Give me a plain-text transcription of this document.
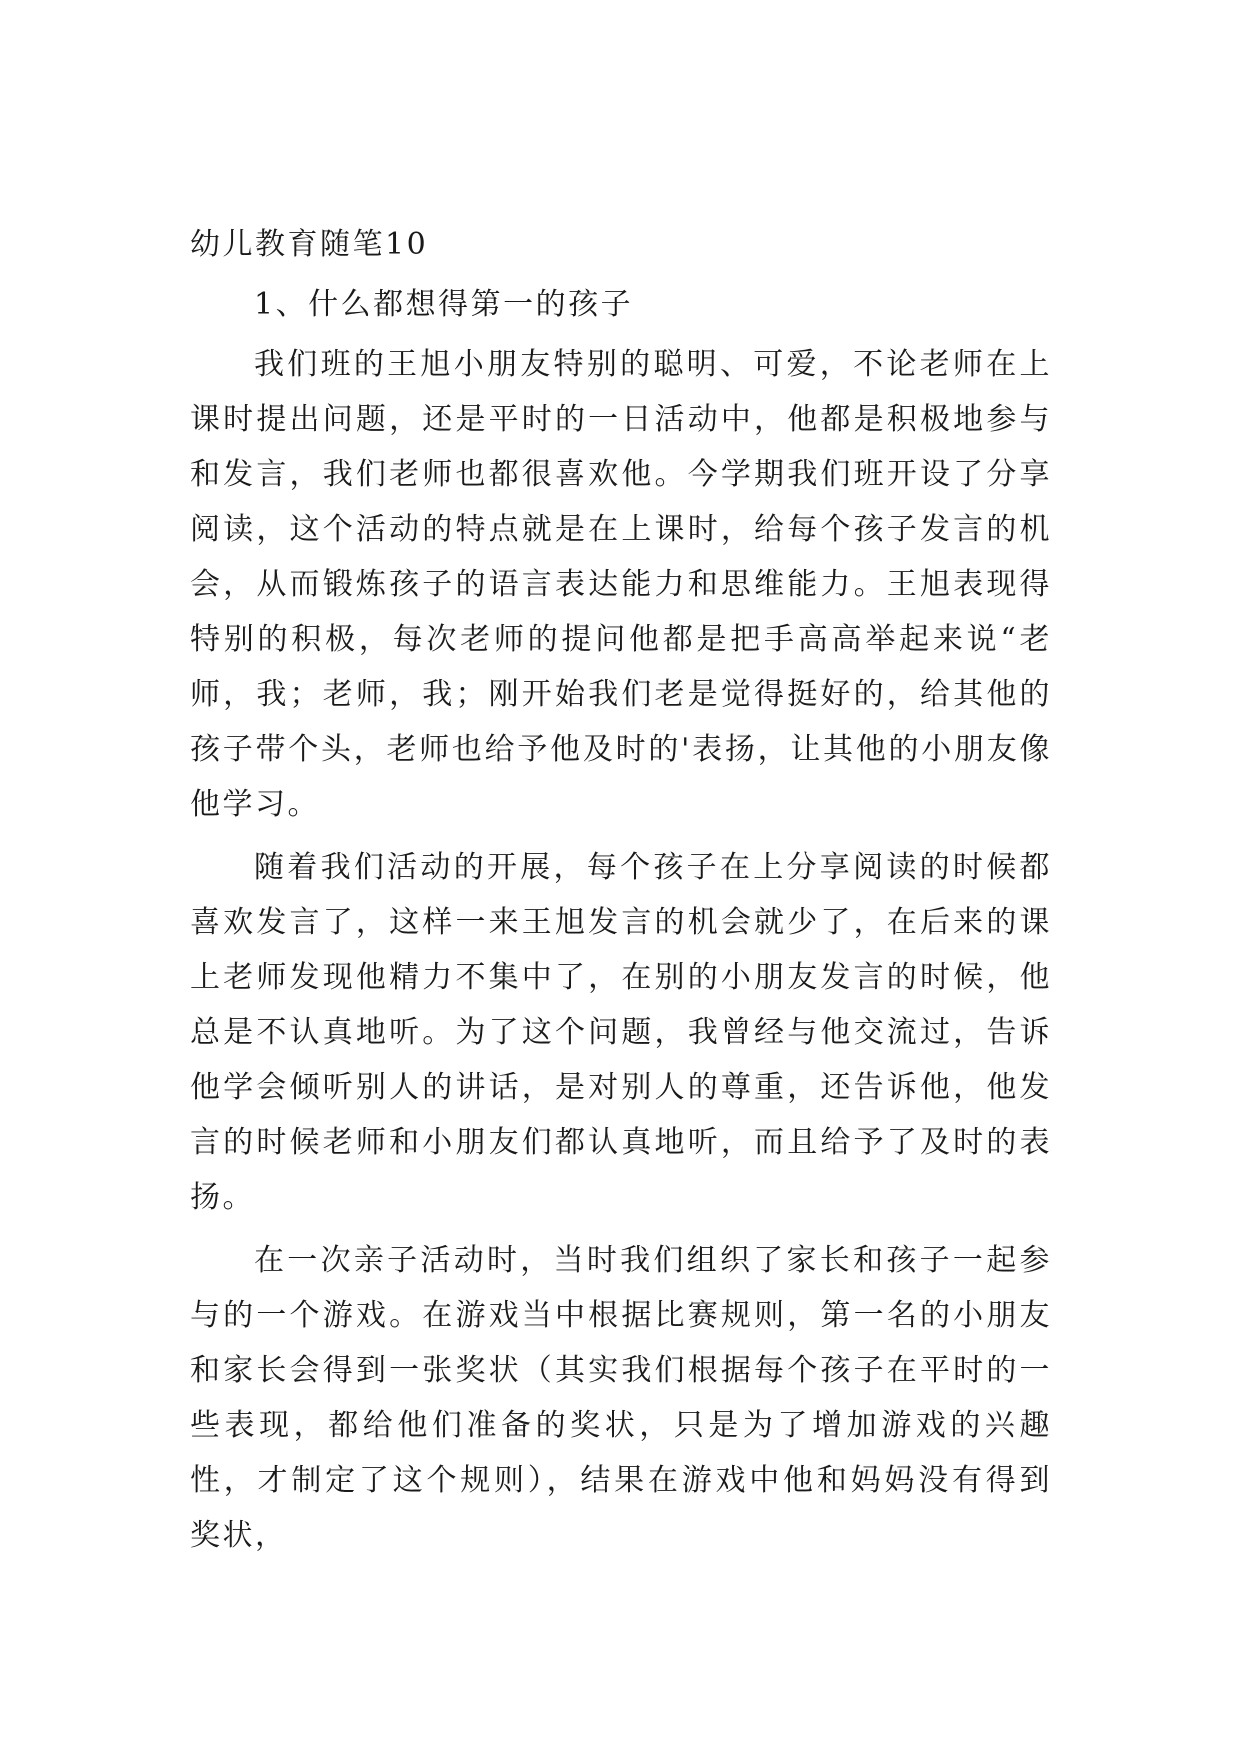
幼儿教育随笔10

1、什么都想得第一的孩子

我们班的王旭小朋友特别的聪明、可爱，不论老师在上课时提出问题，还是平时的一日活动中，他都是积极地参与和发言，我们老师也都很喜欢他。今学期我们班开设了分享阅读，这个活动的特点就是在上课时，给每个孩子发言的机会，从而锻炼孩子的语言表达能力和思维能力。王旭表现得特别的积极，每次老师的提问他都是把手高高举起来说“老师，我；老师，我；刚开始我们老是觉得挺好的，给其他的孩子带个头，老师也给予他及时的'表扬，让其他的小朋友像他学习。

随着我们活动的开展，每个孩子在上分享阅读的时候都喜欢发言了，这样一来王旭发言的机会就少了，在后来的课上老师发现他精力不集中了，在别的小朋友发言的时候，他总是不认真地听。为了这个问题，我曾经与他交流过，告诉他学会倾听别人的讲话，是对别人的尊重，还告诉他，他发言的时候老师和小朋友们都认真地听，而且给予了及时的表扬。

在一次亲子活动时，当时我们组织了家长和孩子一起参与的一个游戏。在游戏当中根据比赛规则，第一名的小朋友和家长会得到一张奖状（其实我们根据每个孩子在平时的一些表现，都给他们准备的奖状，只是为了增加游戏的兴趣性，才制定了这个规则），结果在游戏中他和妈妈没有得到奖状，
